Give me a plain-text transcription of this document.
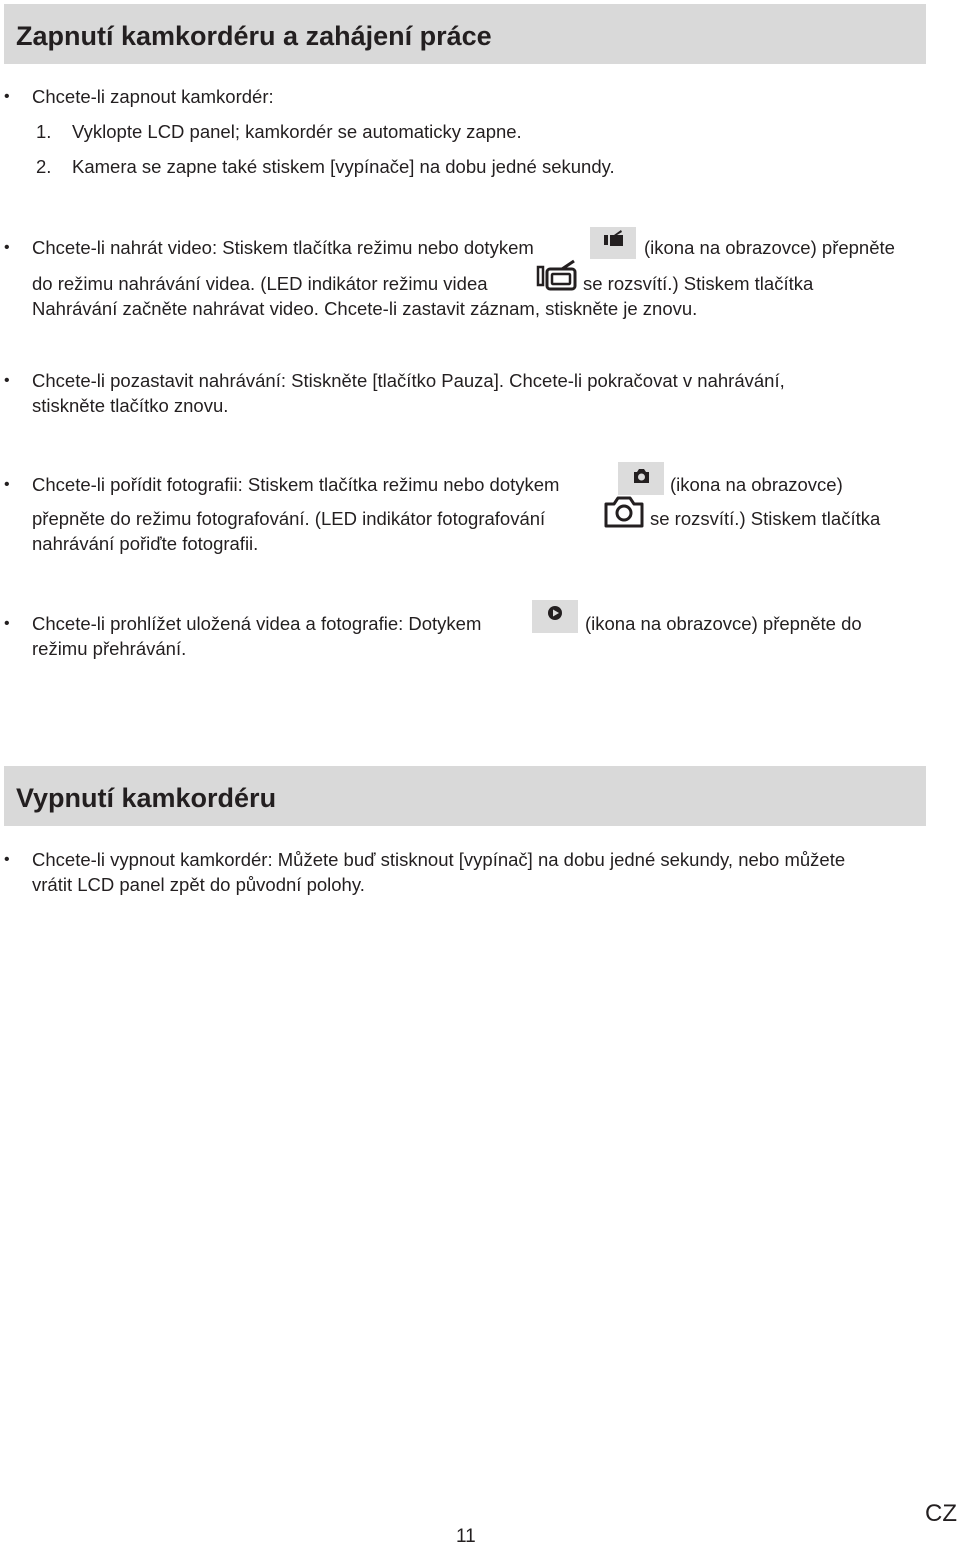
Zapnutí kamkordéru a zahájení práce
• Chcete-li zapnout kamkordér:
1. Vyklopte LCD panel; kamkordér se automaticky zapne.
2. Kamera se zapne také stiskem [vypínače] na dobu jedné sekundy.
• Chcete-li nahrát video: Stiskem tlačítka režimu nebo dotykem	(ikona na obrazovce) přepněte
do režimu nahrávání videa. (LED indikátor režimu videa	se rozsvítí.) Stiskem tlačítka
Nahrávání začněte nahrávat video. Chcete-li zastavit záznam, stiskněte je znovu.
• Chcete-li pozastavit nahrávání: Stiskněte [tlačítko Pauza]. Chcete-li pokračovat v nahrávání,
stiskněte tlačítko znovu.
• Chcete-li pořídit fotografii: Stiskem tlačítka režimu nebo dotykem	(ikona na obrazovce)
přepněte do režimu fotografování. (LED indikátor fotografování	se rozsvítí.) Stiskem tlačítka
nahrávání pořiďte fotografii.
• Chcete-li prohlížet uložená videa a fotografie: Dotykem	(ikona na obrazovce) přepněte do
režimu přehrávání.
Vypnutí kamkordéru
• Chcete-li vypnout kamkordér: Můžete buď stisknout [vypínač] na dobu jedné sekundy, nebo můžete
vrátit LCD panel zpět do původní polohy.
11
CZ
